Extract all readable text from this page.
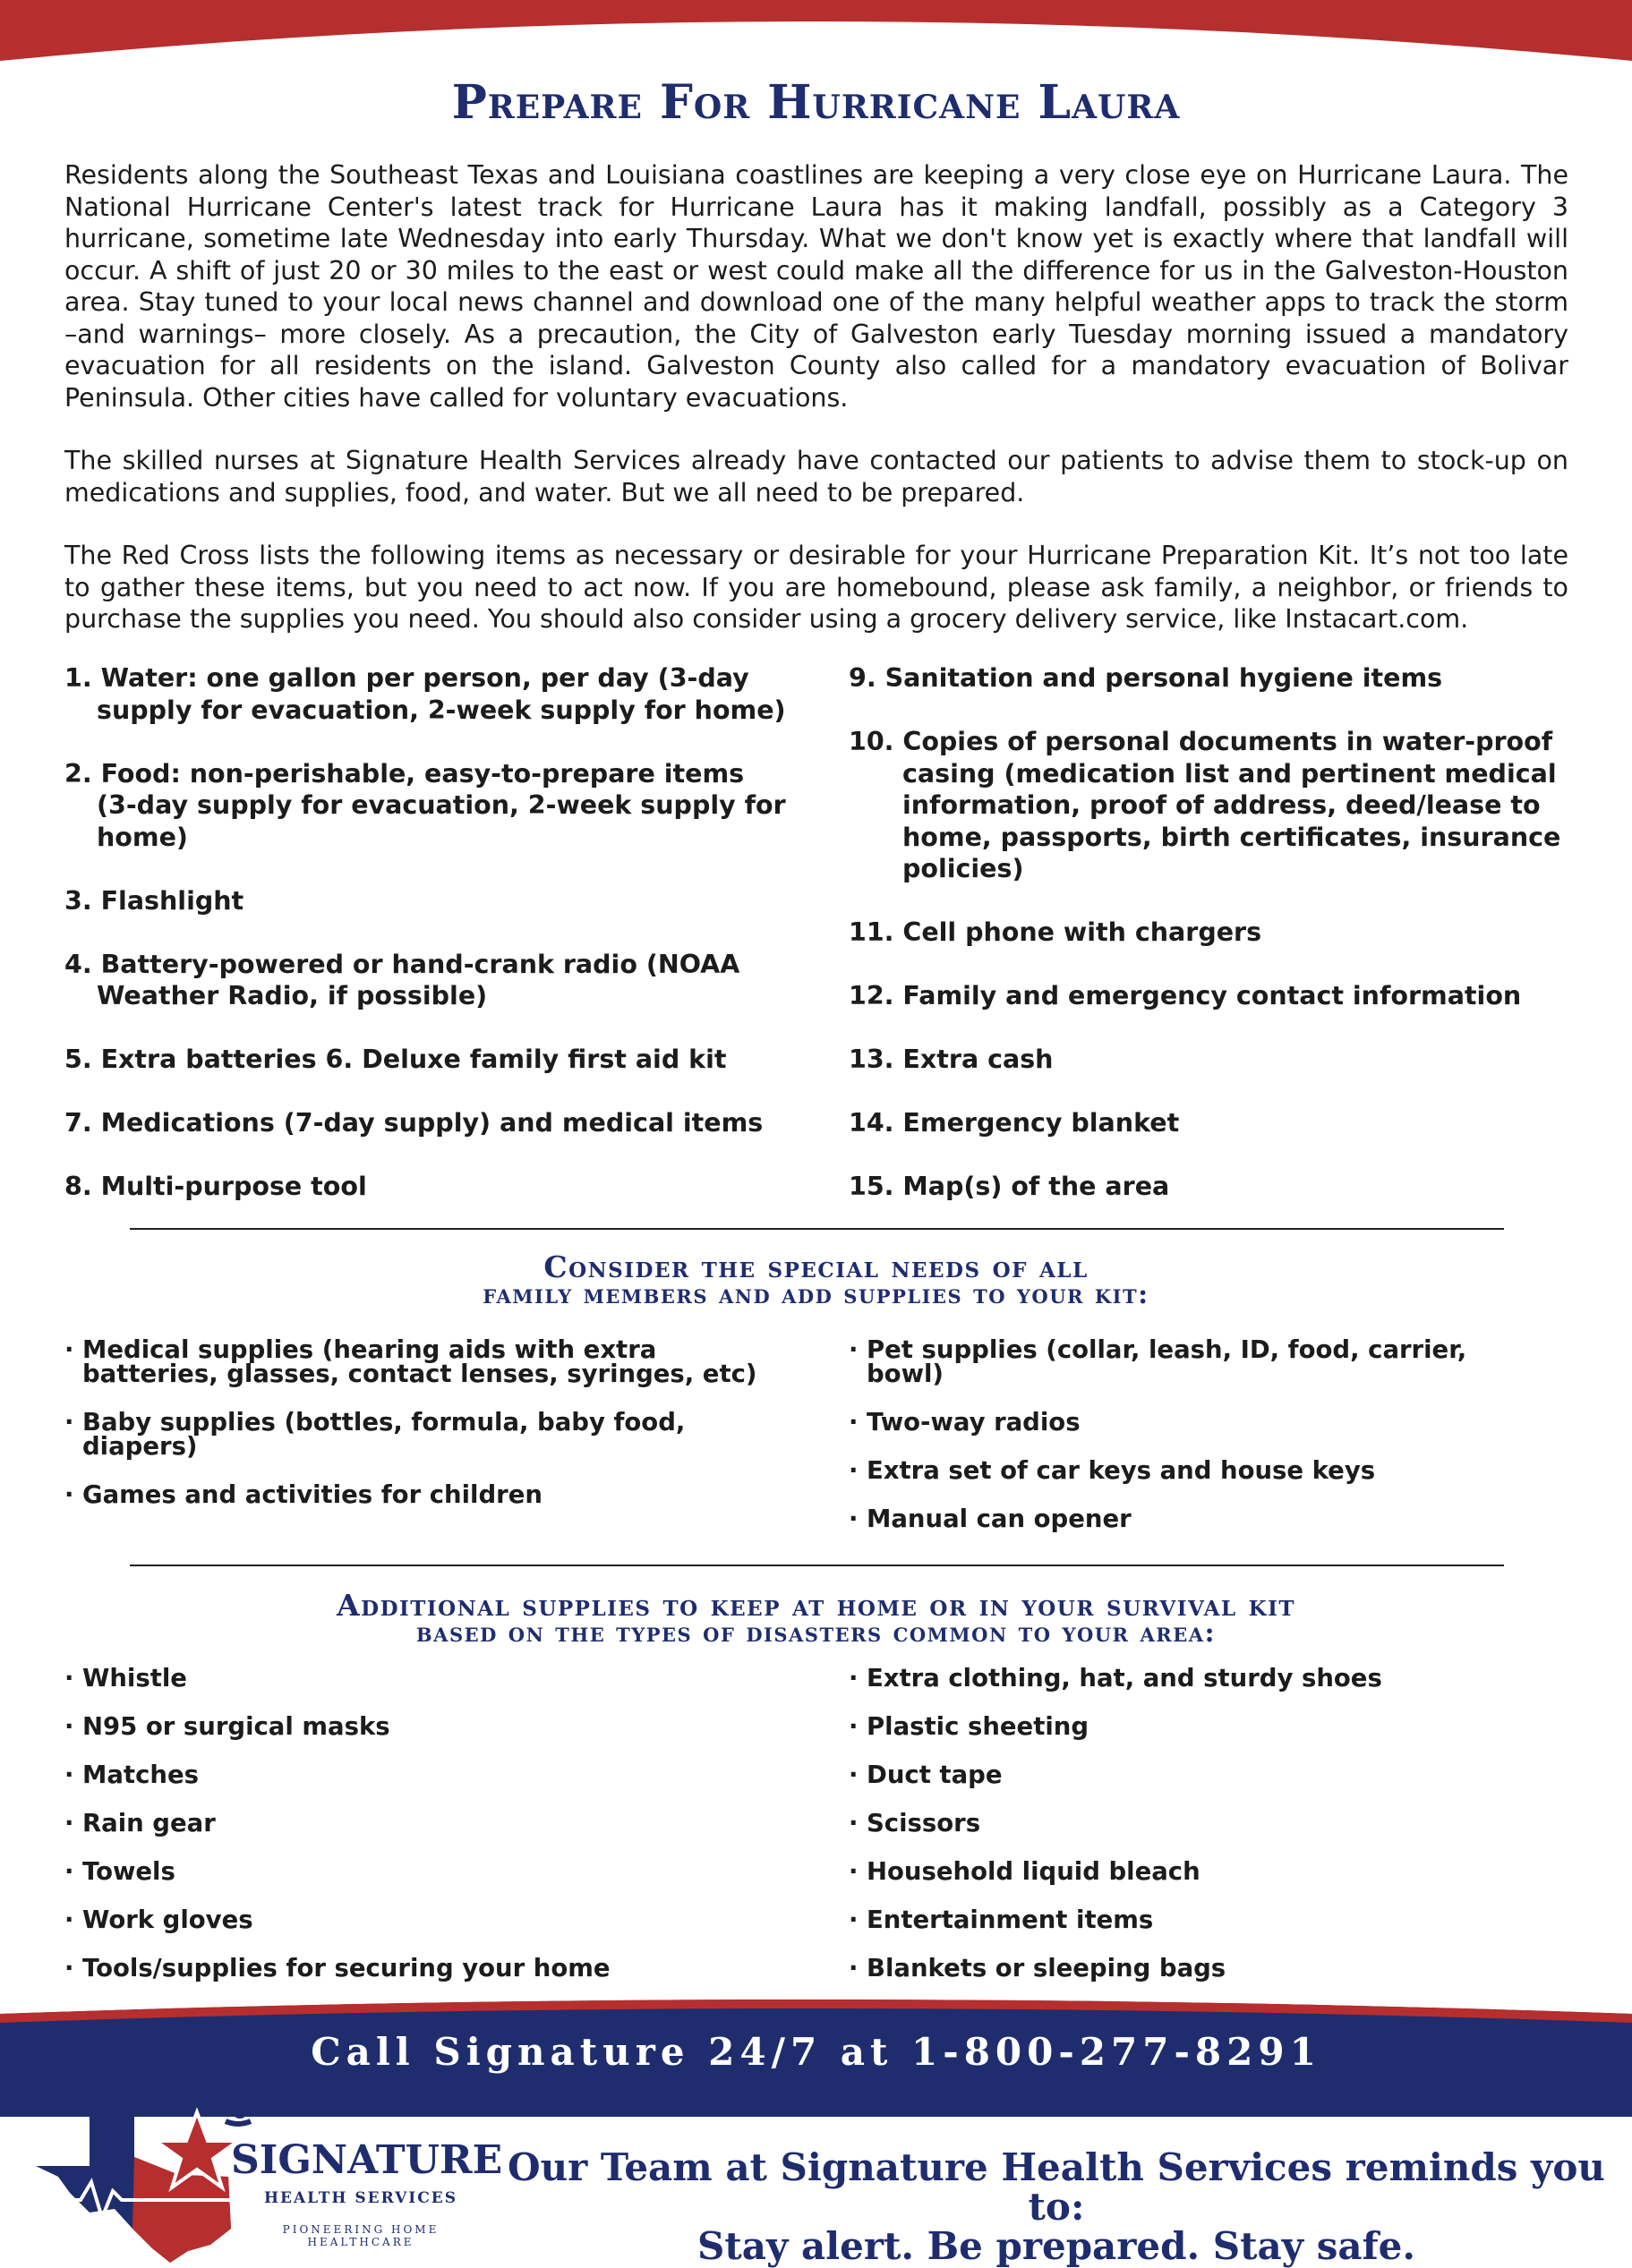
Prepare For Hurricane Laura

Residents along the Southeast Texas and Louisiana coastlines are keeping a very close eye on Hurricane Laura. The National Hurricane Center's latest track for Hurricane Laura has it making landfall, possibly as a Category 3 hurricane, sometime late Wednesday into early Thursday. What we don't know yet is exactly where that landfall will occur. A shift of just 20 or 30 miles to the east or west could make all the difference for us in the Galveston-Houston area. Stay tuned to your local news channel and download one of the many helpful weather apps to track the storm –and warnings– more closely. As a precaution, the City of Galveston early Tuesday morning issued a mandatory evacuation for all residents on the island. Galveston County also called for a mandatory evacuation of Bolivar Peninsula. Other cities have called for voluntary evacuations.

The skilled nurses at Signature Health Services already have contacted our patients to advise them to stock-up on medications and supplies, food, and water. But we all need to be prepared.

The Red Cross lists the following items as necessary or desirable for your Hurricane Preparation Kit. It’s not too late to gather these items, but you need to act now. If you are homebound, please ask family, a neighbor, or friends to purchase the supplies you need. You should also consider using a grocery delivery service, like Instacart.com.

1. Water: one gallon per person, per day (3-day supply for evacuation, 2-week supply for home)
2. Food: non-perishable, easy-to-prepare items (3-day supply for evacuation, 2-week supply for home)
3. Flashlight
4. Battery-powered or hand-crank radio (NOAA Weather Radio, if possible)
5. Extra batteries 6. Deluxe family first aid kit
7. Medications (7-day supply) and medical items
8. Multi-purpose tool
9. Sanitation and personal hygiene items
10. Copies of personal documents in water-proof casing (medication list and pertinent medical information, proof of address, deed/lease to home, passports, birth certificates, insurance policies)
11. Cell phone with chargers
12. Family and emergency contact information
13. Extra cash
14. Emergency blanket
15. Map(s) of the area
Consider the special needs of all
family members and add supplies to your kit:
· Medical supplies (hearing aids with extra batteries, glasses, contact lenses, syringes, etc)
· Baby supplies (bottles, formula, baby food, diapers)
· Games and activities for children
· Pet supplies (collar, leash, ID, food, carrier, bowl)
· Two-way radios
· Extra set of car keys and house keys
· Manual can opener
Additional supplies to keep at home or in your survival kit
based on the types of disasters common to your area:
· Whistle
· N95 or surgical masks
· Matches
· Rain gear
· Towels
· Work gloves
· Tools/supplies for securing your home
· Extra clothing, hat, and sturdy shoes
· Plastic sheeting
· Duct tape
· Scissors
· Household liquid bleach
· Entertainment items
· Blankets or sleeping bags
Call Signature 24/7 at 1-800-277-8291
SIGNATURE
HEALTH SERVICES
PIONEERING HOME HEALTHCARE
Our Team at Signature Health Services reminds you to:
Stay alert. Be prepared. Stay safe.
